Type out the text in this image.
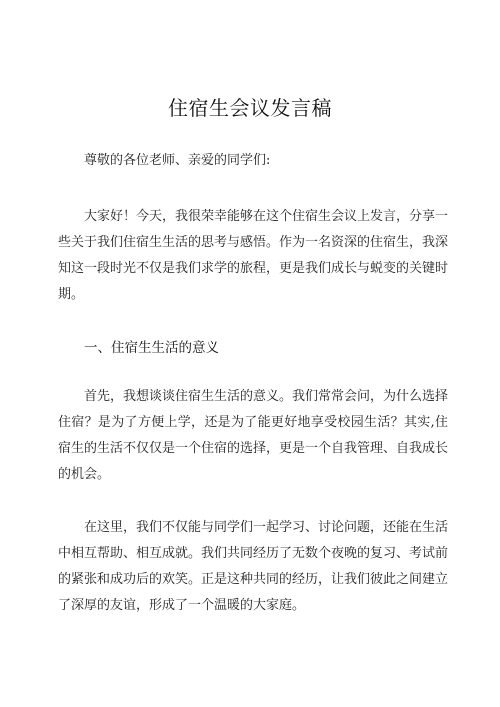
住宿生会议发言稿

尊敬的各位老师、亲爱的同学们:

大家好！今天，我很荣幸能够在这个住宿生会议上发言，分享一些关于我们住宿生生活的思考与感悟。作为一名资深的住宿生，我深知这一段时光不仅是我们求学的旅程，更是我们成长与蜕变的关键时期。

一、住宿生生活的意义

首先，我想谈谈住宿生生活的意义。我们常常会问，为什么选择住宿？是为了方便上学，还是为了能更好地享受校园生活？其实,住宿生的生活不仅仅是一个住宿的选择，更是一个自我管理、自我成长的机会。

在这里，我们不仅能与同学们一起学习、讨论问题，还能在生活中相互帮助、相互成就。我们共同经历了无数个夜晚的复习、考试前的紧张和成功后的欢笑。正是这种共同的经历，让我们彼此之间建立了深厚的友谊，形成了一个温暖的大家庭。
